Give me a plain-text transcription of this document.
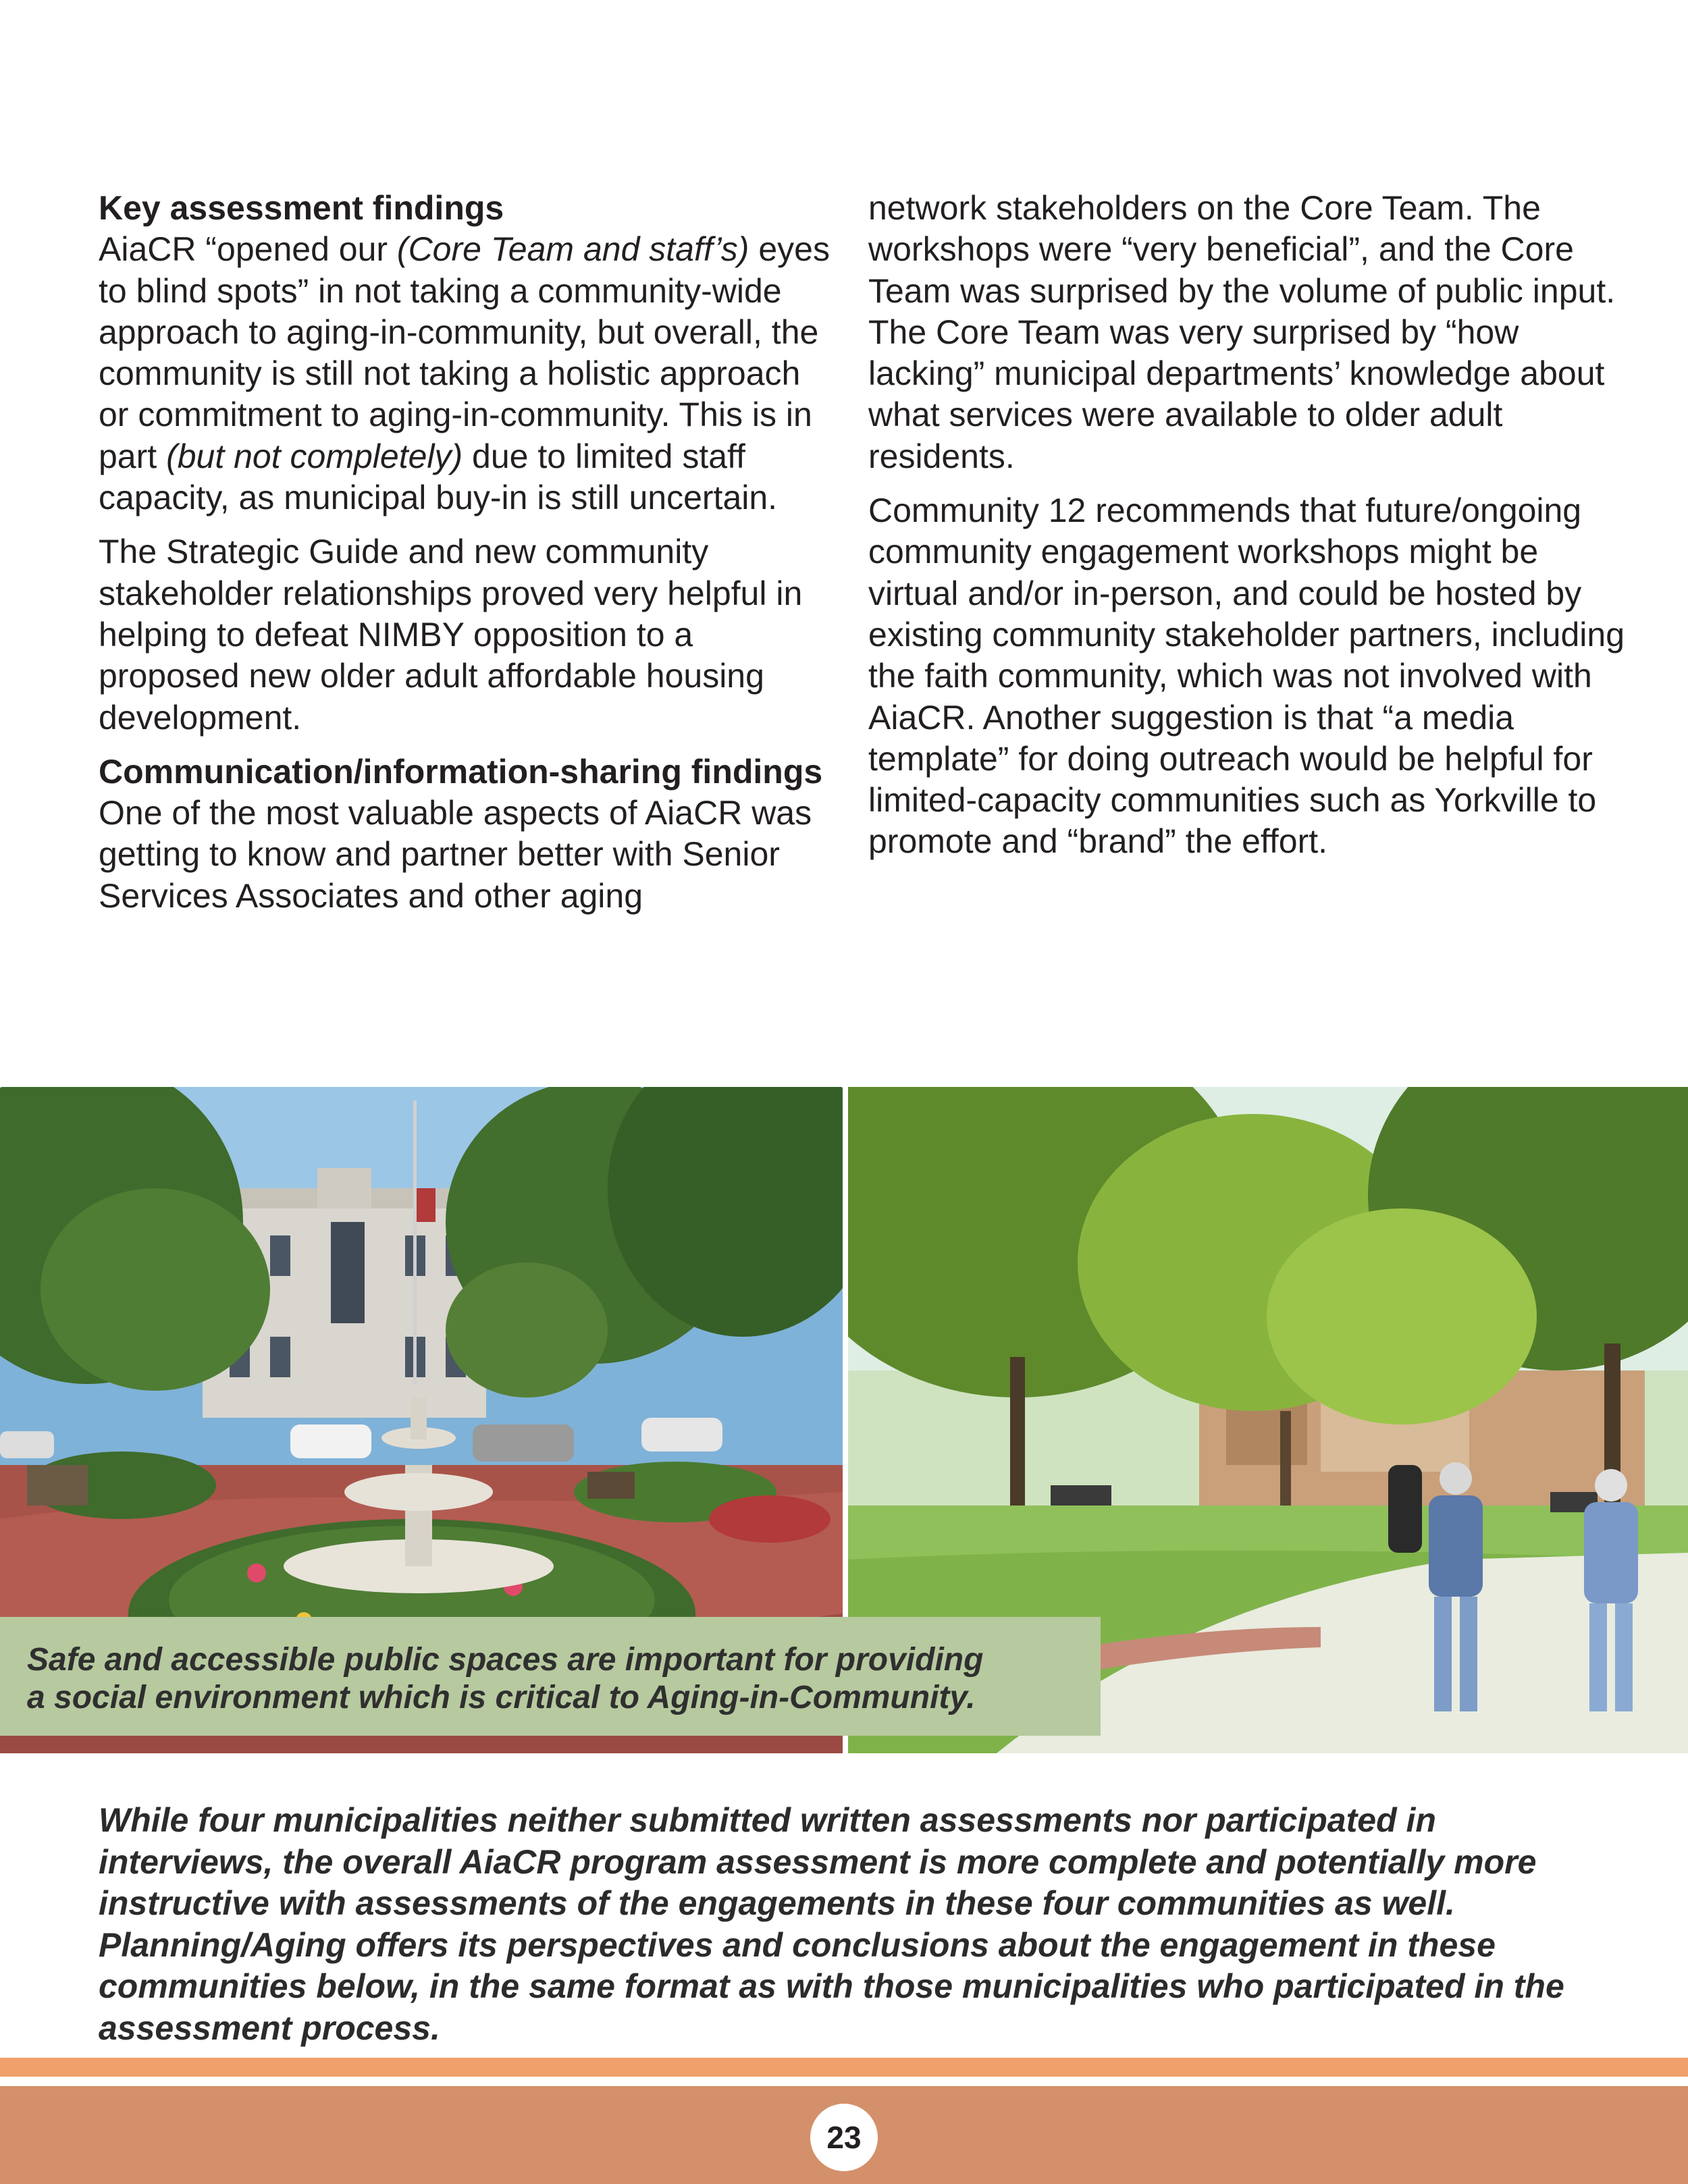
Key assessment findings
AiaCR “opened our (Core Team and staff’s) eyes to blind spots” in not taking a community-wide approach to aging-in-community, but overall, the community is still not taking a holistic approach or commitment to aging-in-community. This is in part (but not completely) due to limited staff capacity, as municipal buy-in is still uncertain.

The Strategic Guide and new community stakeholder relationships proved very helpful in helping to defeat NIMBY opposition to a proposed new older adult affordable housing development.

Communication/information-sharing findings
One of the most valuable aspects of AiaCR was getting to know and partner better with Senior Services Associates and other aging

network stakeholders on the Core Team. The workshops were “very beneficial”, and the Core Team was surprised by the volume of public input. The Core Team was very surprised by “how lacking” municipal departments’ knowledge about what services were available to older adult residents.

Community 12 recommends that future/ongoing community engagement workshops might be virtual and/or in-person, and could be hosted by existing community stakeholder partners, including the faith community, which was not involved with AiaCR. Another suggestion is that “a media template” for doing outreach would be helpful for limited-capacity communities such as Yorkville to promote and “brand” the effort.

Safe and accessible public spaces are important for providing
a social environment which is critical to Aging-in-Community.

While four municipalities neither submitted written assessments nor participated in interviews, the overall AiaCR program assessment is more complete and potentially more instructive with assessments of the engagements in these four communities as well. Planning/Aging offers its perspectives and conclusions about the engagement in these communities below, in the same format as with those municipalities who participated in the assessment process.

23
